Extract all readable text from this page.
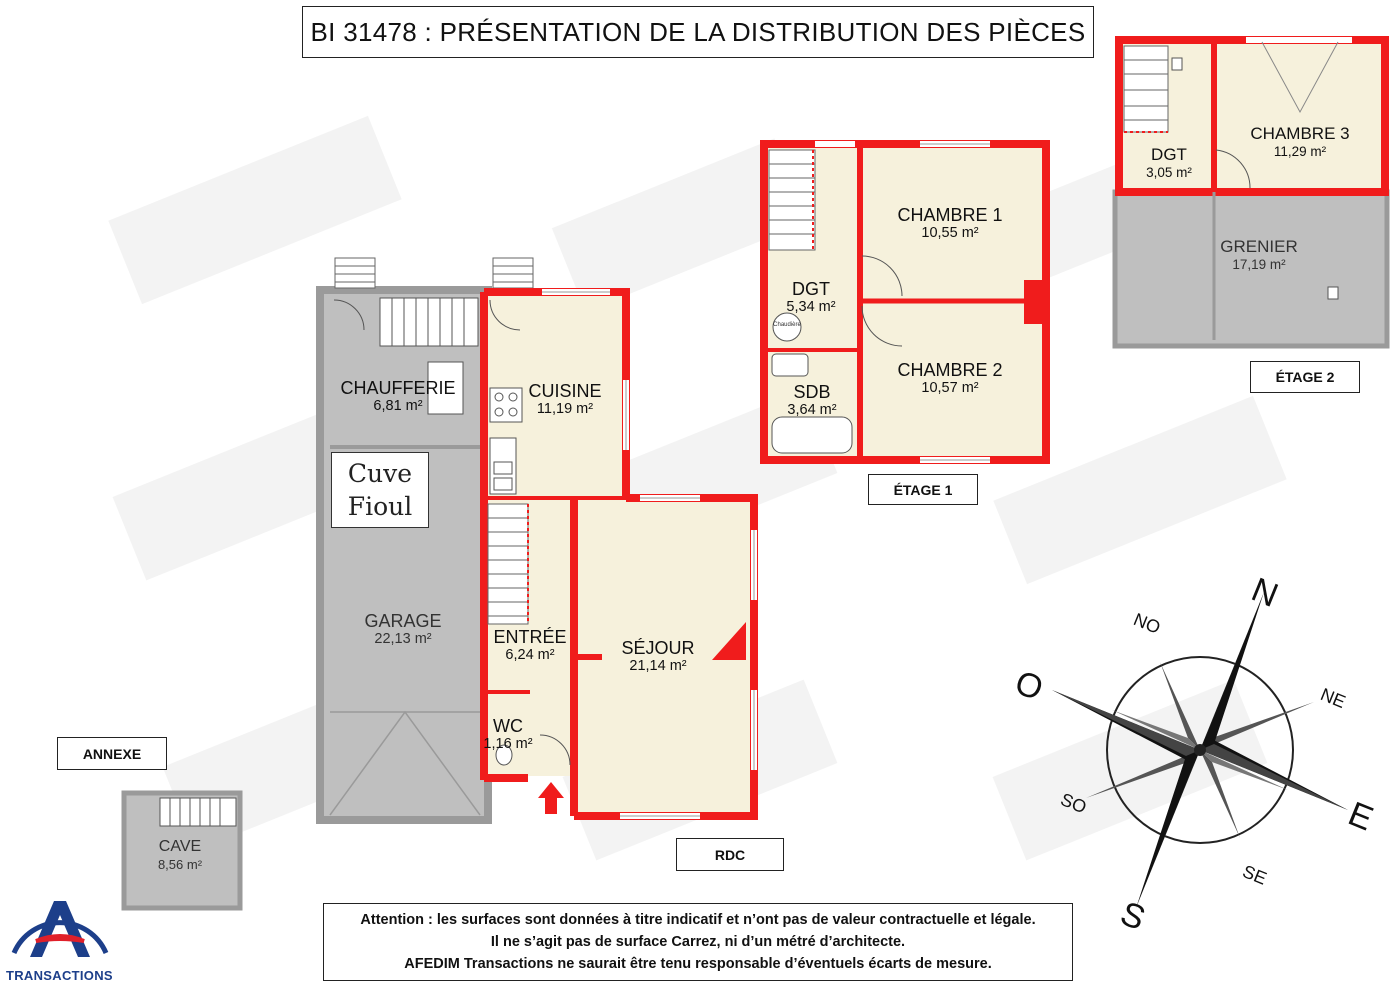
BI 31478 : PRÉSENTATION DE LA DISTRIBUTION DES PIÈCES
N
S
E
O	NE
NO
SE
SO
Chaudière
CHAUFFERIE
6,81 m²
CUISINE
11,19 m²
GARAGE
22,13 m²	ENTRÉE
6,24 m²	SÉJOUR
21,14 m²
WC
1,16 m²
CAVE
8,56 m²
DGT
5,34 m²
CHAMBRE 1
10,55 m²
CHAMBRE 2
10,57 m²
SDB
3,64 m²
DGT
3,05 m²
CHAMBRE 3
11,29 m²
GRENIER
17,19 m²
Cuve
Fioul
RDC
ÉTAGE 1
ÉTAGE 2
ANNEXE
Attention : les surfaces sont données à titre indicatif et n’ont pas de valeur contractuelle et légale.
Il ne s’agit pas de surface Carrez, ni d’un métré d’architecte.
AFEDIM Transactions ne saurait être tenu responsable d’éventuels écarts de mesure.
TRANSACTIONS
